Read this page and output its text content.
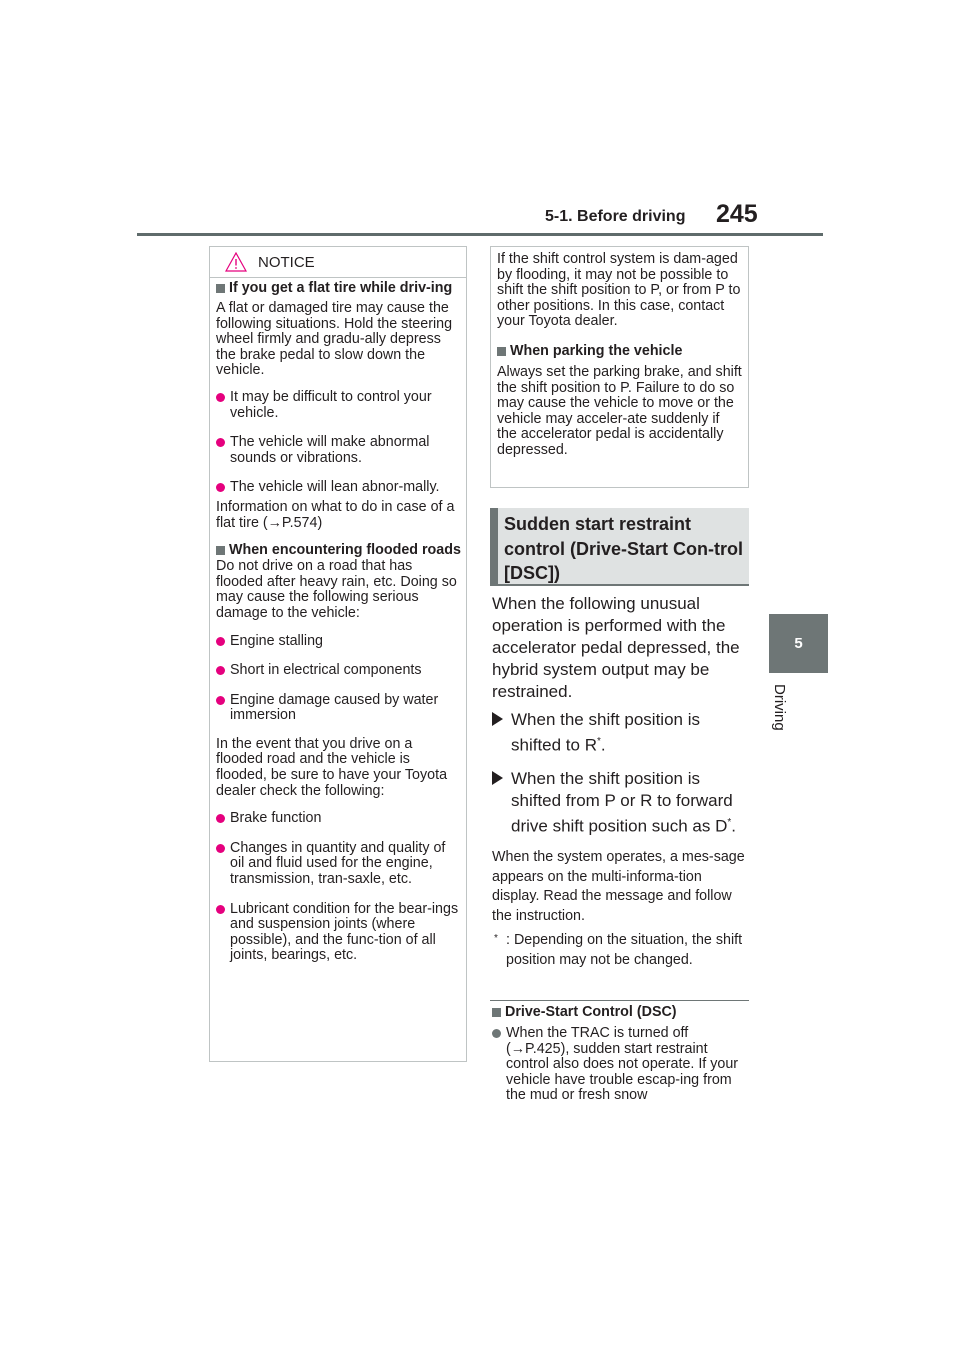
5-1. Before driving 245
5
Driving
NOTICE
If you get a flat tire while driv-ing
A flat or damaged tire may cause the following situations. Hold the steering wheel firmly and gradu-ally depress the brake pedal to slow down the vehicle.
It may be difficult to control your vehicle.
The vehicle will make abnormal sounds or vibrations.
The vehicle will lean abnor-mally.
Information on what to do in case of a flat tire (→P.574)
When encountering flooded roads
Do not drive on a road that has flooded after heavy rain, etc. Doing so may cause the following serious damage to the vehicle:
Engine stalling
Short in electrical components
Engine damage caused by water immersion
In the event that you drive on a flooded road and the vehicle is flooded, be sure to have your Toyota dealer check the following:
Brake function
Changes in quantity and quality of oil and fluid used for the engine, transmission, tran-saxle, etc.
Lubricant condition for the bear-ings and suspension joints (where possible), and the func-tion of all joints, bearings, etc.
If the shift control system is dam-aged by flooding, it may not be possible to shift the shift position to P, or from P to other positions. In this case, contact your Toyota dealer.
When parking the vehicle
Always set the parking brake, and shift the shift position to P. Failure to do so may cause the vehicle to move or the vehicle may acceler-ate suddenly if the accelerator pedal is accidentally depressed.
Sudden start restraint control (Drive-Start Con-trol [DSC])
When the following unusual operation is performed with the accelerator pedal depressed, the hybrid system output may be restrained.
When the shift position is shifted to R*.
When the shift position is shifted from P or R to forward drive shift position such as D*.
When the system operates, a mes-sage appears on the multi-informa-tion display. Read the message and follow the instruction.
*
: Depending on the situation, the shift position may not be changed.
Drive-Start Control (DSC)
When the TRAC is turned off (→P.425), sudden start restraint control also does not operate. If your vehicle have trouble escap-ing from the mud or fresh snow
